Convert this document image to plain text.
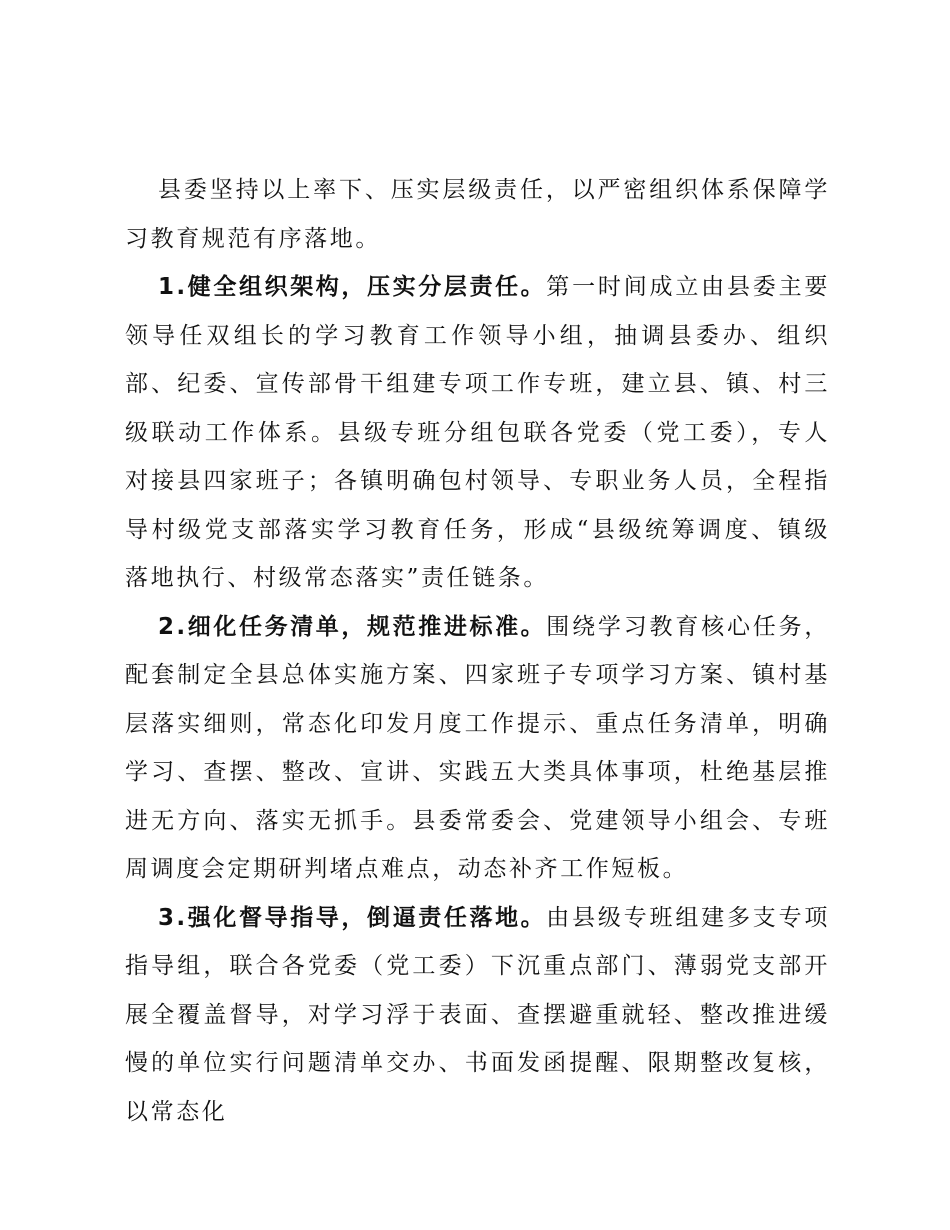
县委坚持以上率下、压实层级责任，以严密组织体系保障学习教育规范有序落地。

1.健全组织架构，压实分层责任。第一时间成立由县委主要领导任双组长的学习教育工作领导小组，抽调县委办、组织部、纪委、宣传部骨干组建专项工作专班，建立县、镇、村三级联动工作体系。县级专班分组包联各党委（党工委），专人对接县四家班子；各镇明确包村领导、专职业务人员，全程指导村级党支部落实学习教育任务，形成“县级统筹调度、镇级落地执行、村级常态落实”责任链条。

2.细化任务清单，规范推进标准。围绕学习教育核心任务，配套制定全县总体实施方案、四家班子专项学习方案、镇村基层落实细则，常态化印发月度工作提示、重点任务清单，明确学习、查摆、整改、宣讲、实践五大类具体事项，杜绝基层推进无方向、落实无抓手。县委常委会、党建领导小组会、专班周调度会定期研判堵点难点，动态补齐工作短板。

3.强化督导指导，倒逼责任落地。由县级专班组建多支专项指导组，联合各党委（党工委）下沉重点部门、薄弱党支部开展全覆盖督导，对学习浮于表面、查摆避重就轻、整改推进缓慢的单位实行问题清单交办、书面发函提醒、限期整改复核，以常态化
